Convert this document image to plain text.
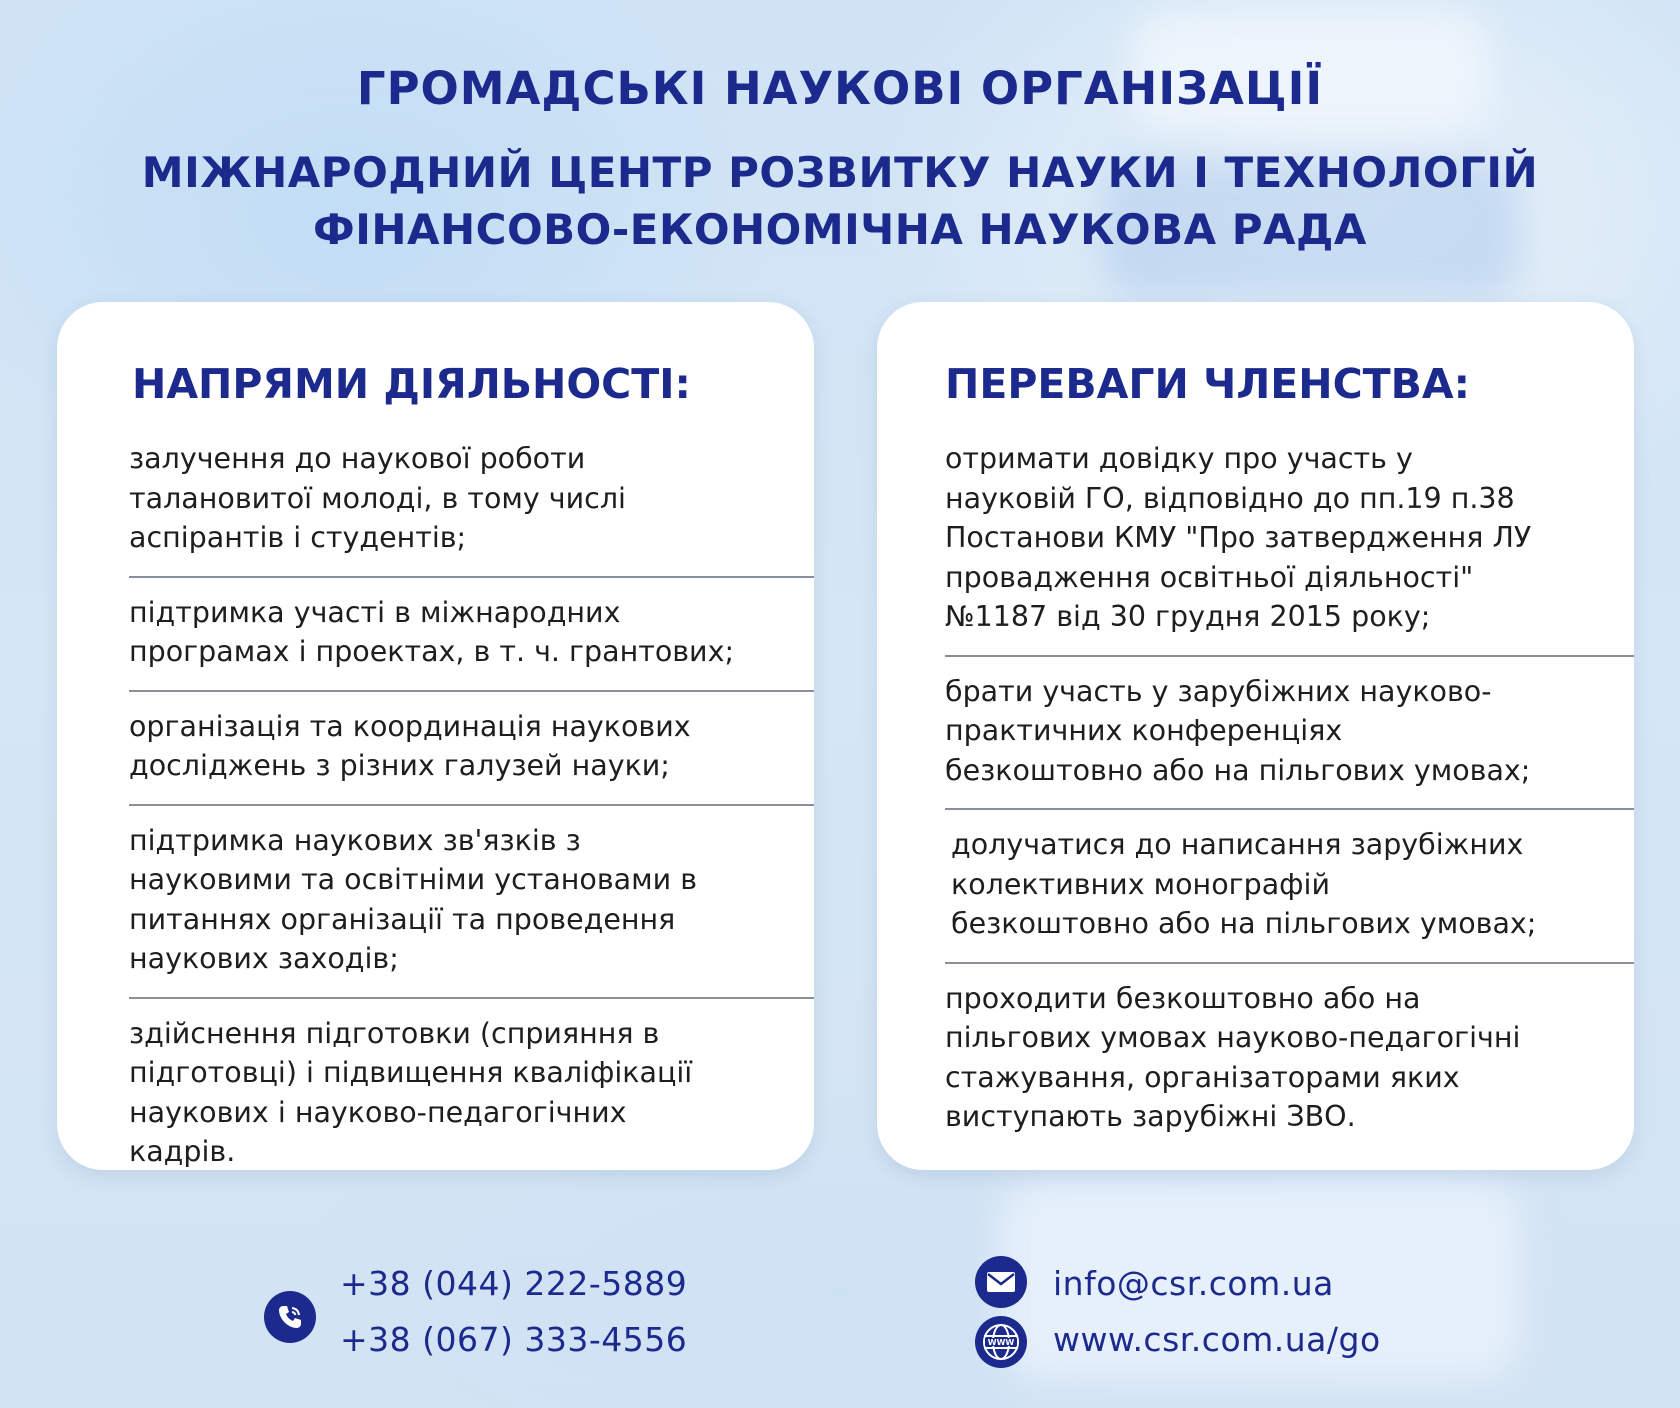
ГРОМАДСЬКІ НАУКОВІ ОРГАНІЗАЦІЇ
МІЖНАРОДНИЙ ЦЕНТР РОЗВИТКУ НАУКИ І ТЕХНОЛОГІЙ
ФІНАНСОВО-ЕКОНОМІЧНА НАУКОВА РАДА
НАПРЯМИ ДІЯЛЬНОСТІ:
залучення до наукової роботи
талановитої молоді, в тому числі
аспірантів і студентів;
підтримка участі в міжнародних
програмах і проектах, в т. ч. грантових;
організація та координація наукових
досліджень з різних галузей науки;
підтримка наукових зв'язків з
науковими та освітніми установами в
питаннях організації та проведення
наукових заходів;
здійснення підготовки (сприяння в
підготовці) і підвищення кваліфікації
наукових і науково-педагогічних
кадрів.
ПЕРЕВАГИ ЧЛЕНСТВА:
отримати довідку про участь у
науковій ГО, відповідно до пп.19 п.38
Постанови КМУ "Про затвердження ЛУ
провадження освітньої діяльності"
№1187 від 30 грудня 2015 року;
брати участь у зарубіжних науково-
практичних конференціях
безкоштовно або на пільгових умовах;
долучатися до написання зарубіжних
колективних монографій
безкоштовно або на пільгових умовах;
проходити безкоштовно або на
пільгових умовах науково-педагогічні
стажування, організаторами яких
виступають зарубіжні ЗВО.
+38 (044) 222-5889
+38 (067) 333-4556
info@csr.com.ua
WWW www.csr.com.ua/go
